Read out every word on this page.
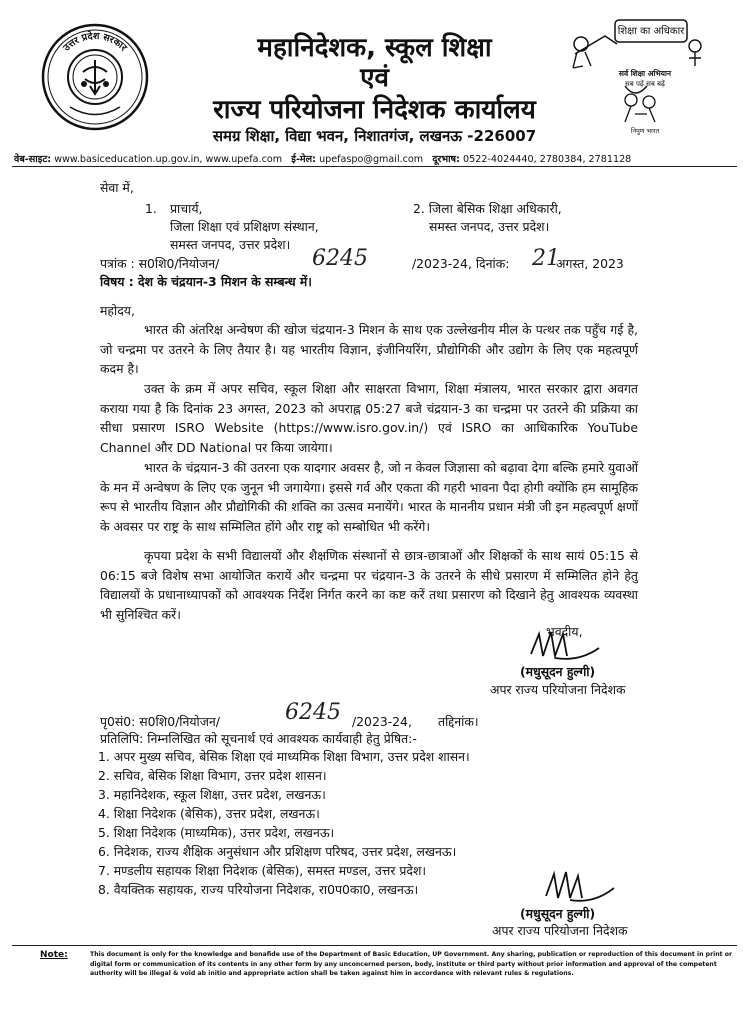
उत्तर प्रदेश सरकार	महानिदेशक, स्कूल शिक्षा
एवं
राज्य परियोजना निदेशक कार्यालय
समग्र शिक्षा, विद्या भवन, निशातगंज, लखनऊ -226007
शिक्षा का अधिकार
सर्व शिक्षा अभियान
सब पढ़ें सब बढ़ें
निपुण भारत
वेब-साइट: www.basiceducation.up.gov.in, www.upefa.com ई-मेल: upefaspo@gmail.com दूरभाष: 0522-4024440, 2780384, 2781128
सेवा में,
1. प्राचार्य,
जिला शिक्षा एवं प्रशिक्षण संस्थान,
समस्त जनपद, उत्तर प्रदेश।
2. जिला बेसिक शिक्षा अधिकारी,
समस्त जनपद, उत्तर प्रदेश।
पत्रांक : स0शि0/नियोजन/	6245	/2023-24, दिनांक: 21
अगस्त, 2023
विषय : देश के चंद्रयान-3 मिशन के सम्बन्ध में।
महोदय,
भारत की अंतरिक्ष अन्वेषण की खोज चंद्रयान-3 मिशन के साथ एक उल्लेखनीय मील के पत्थर तक पहुँच गई है, जो चन्द्रमा पर उतरने के लिए तैयार है। यह भारतीय विज्ञान, इंजीनियरिंग, प्रौद्योगिकी और उद्योग के लिए एक महत्वपूर्ण कदम है।
उक्त के क्रम में अपर सचिव, स्कूल शिक्षा और साक्षरता विभाग, शिक्षा मंत्रालय, भारत सरकार द्वारा अवगत कराया गया है कि दिनांक 23 अगस्त, 2023 को अपराह्न 05:27 बजे चंद्रयान-3 का चन्द्रमा पर उतरने की प्रक्रिया का सीधा प्रसारण ISRO Website (https://www.isro.gov.in/) एवं ISRO का आधिकारिक YouTube Channel और DD National पर किया जायेगा।
भारत के चंद्रयान-3 की उतरना एक यादगार अवसर है, जो न केवल जिज्ञासा को बढ़ावा देगा बल्कि हमारे युवाओं के मन में अन्वेषण के लिए एक जुनून भी जगायेगा। इससे गर्व और एकता की गहरी भावना पैदा होगी क्योंकि हम सामूहिक रूप से भारतीय विज्ञान और प्रौद्योगिकी की शक्ति का उत्सव मनायेंगे। भारत के माननीय प्रधान मंत्री जी इन महत्वपूर्ण क्षणों के अवसर पर राष्ट्र के साथ सम्मिलित होंगे और राष्ट्र को सम्बोधित भी करेंगे।
कृपया प्रदेश के सभी विद्यालयों और शैक्षणिक संस्थानों से छात्र-छात्राओं और शिक्षकों के साथ सायं 05:15 से 06:15 बजे विशेष सभा आयोजित करायें और चन्द्रमा पर चंद्रयान-3 के उतरने के सीधे प्रसारण में सम्मिलित होने हेतु विद्यालयों के प्रधानाध्यापकों को आवश्यक निर्देश निर्गत करने का कष्ट करें तथा प्रसारण को दिखाने हेतु आवश्यक व्यवस्था भी सुनिश्चित करें।
भवदीय,
(मधुसूदन हुल्गी)
अपर राज्य परियोजना निदेशक
पृ0सं0: स0शि0/नियोजन/	6245 /2023-24, तद्दिनांक।
प्रतिलिपि: निम्नलिखित को सूचनार्थ एवं आवश्यक कार्यवाही हेतु प्रेषित:-
1. अपर मुख्य सचिव, बेसिक शिक्षा एवं माध्यमिक शिक्षा विभाग, उत्तर प्रदेश शासन।
2. सचिव, बेसिक शिक्षा विभाग, उत्तर प्रदेश शासन।
3. महानिदेशक, स्कूल शिक्षा, उत्तर प्रदेश, लखनऊ।
4. शिक्षा निदेशक (बेसिक), उत्तर प्रदेश, लखनऊ।
5. शिक्षा निदेशक (माध्यमिक), उत्तर प्रदेश, लखनऊ।
6. निदेशक, राज्य शैक्षिक अनुसंधान और प्रशिक्षण परिषद, उत्तर प्रदेश, लखनऊ।
7. मण्डलीय सहायक शिक्षा निदेशक (बेसिक), समस्त मण्डल, उत्तर प्रदेश।
8. वैयक्तिक सहायक, राज्य परियोजना निदेशक, रा0प0का0, लखनऊ।
(मधुसूदन हुल्गी)
अपर राज्य परियोजना निदेशक
Note:	This document is only for the knowledge and bonafide use of the Department of Basic Education, UP Government. Any sharing, publication or reproduction of this document in print or digital form or communication of its contents in any other form by any unconcerned person, body, institute or third party without prior information and approval of the competent authority will be illegal & void ab initio and appropriate action shall be taken against him in accordance with relevant rules & regulations.
